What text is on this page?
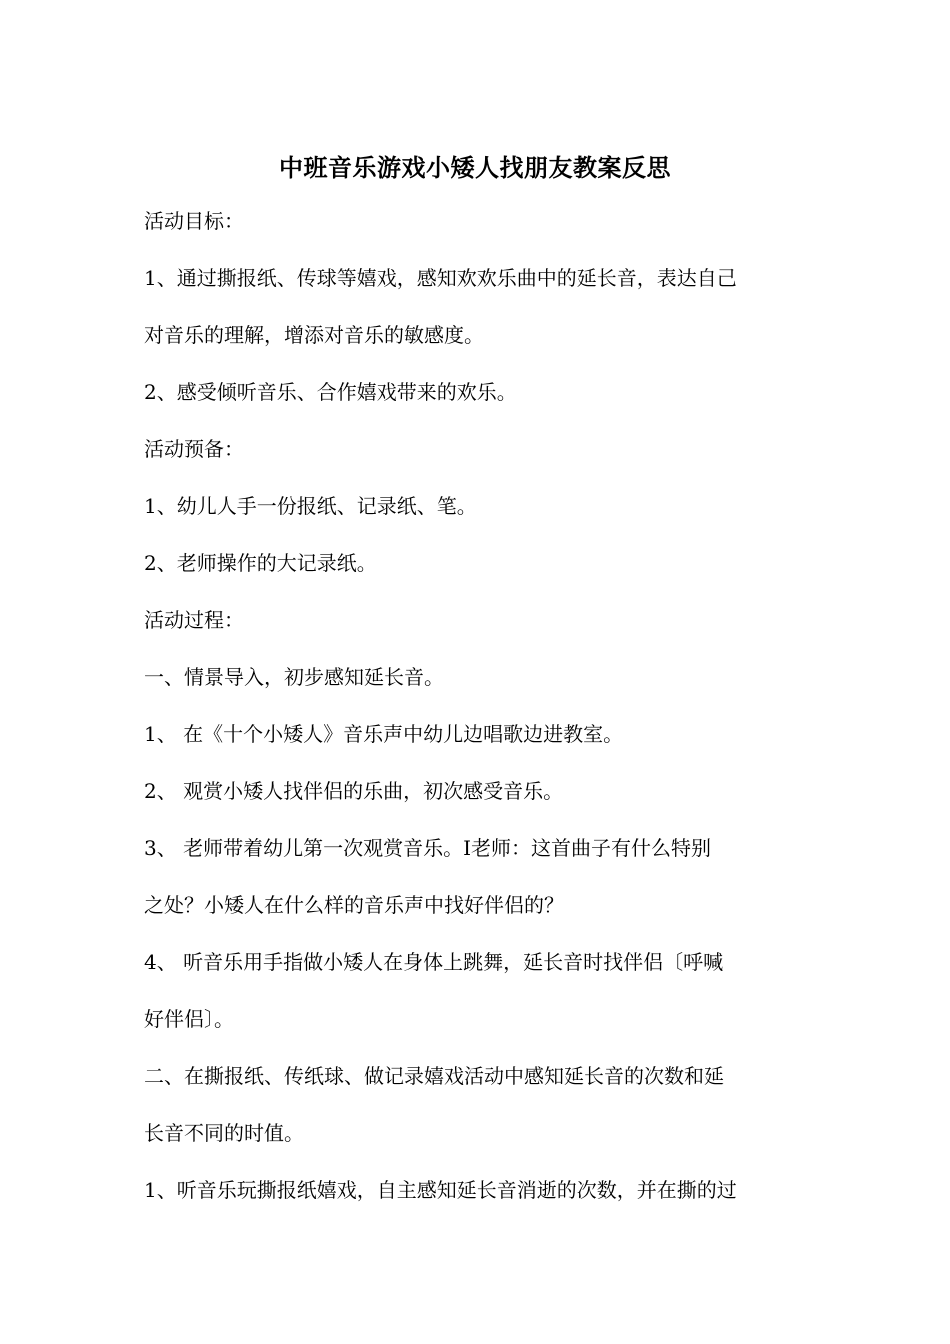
中班音乐游戏小矮人找朋友教案反思

活动目标：

1、通过撕报纸、传球等嬉戏，感知欢欢乐曲中的延长音，表达自己

对音乐的理解，增添对音乐的敏感度。

2、感受倾听音乐、合作嬉戏带来的欢乐。

活动预备：

1、幼儿人手一份报纸、记录纸、笔。

2、老师操作的大记录纸。

活动过程：

一、情景导入，初步感知延长音。

1、 在《十个小矮人》音乐声中幼儿边唱歌边进教室。

2、 观赏小矮人找伴侣的乐曲，初次感受音乐。

3、 老师带着幼儿第一次观赏音乐。I老师：这首曲子有什么特别

之处？小矮人在什么样的音乐声中找好伴侣的？

4、 听音乐用手指做小矮人在身体上跳舞，延长音时找伴侣〔呼喊

好伴侣〕。

二、在撕报纸、传纸球、做记录嬉戏活动中感知延长音的次数和延

长音不同的时值。

1、听音乐玩撕报纸嬉戏，自主感知延长音消逝的次数，并在撕的过
